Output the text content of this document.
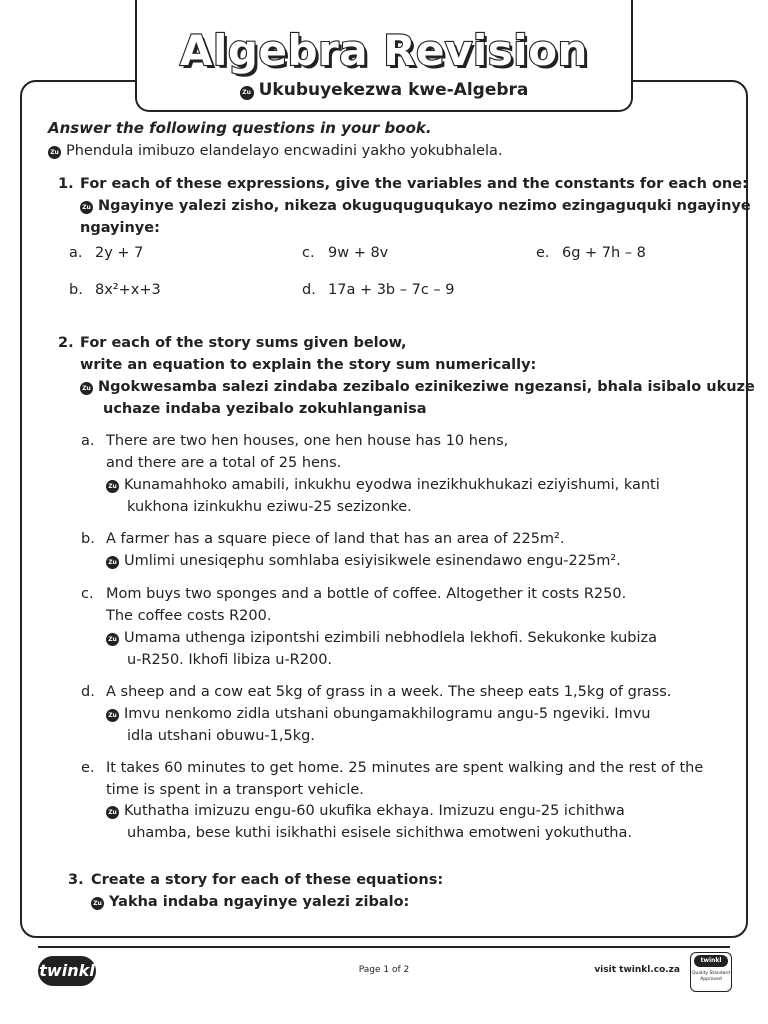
Algebra Revision
Zu Ukubuyekezwa kwe-Algebra
Answer the following questions in your book.
Zu Phendula imibuzo elandelayo encwadini yakho yokubhalela.
1. For each of these expressions, give the variables and the constants for each one:
Zu Ngayinye yalezi zisho, nikeza okuguquguqukayo nezimo ezingaguquki ngayinye
ngayinye:
a. 2y + 7	c. 9w + 8v	e. 6g + 7h – 8
b. 8x²+x+3	d. 17a + 3b – 7c – 9
2. For each of the story sums given below,
write an equation to explain the story sum numerically:
Zu Ngokwesamba salezi zindaba zezibalo ezinikeziwe ngezansi, bhala isibalo ukuze
uchaze indaba yezibalo zokuhlanganisa
a. There are two hen houses, one hen house has 10 hens,
and there are a total of 25 hens.
Zu Kunamahhoko amabili, inkukhu eyodwa inezikhukhukazi eziyishumi, kanti
kukhona izinkukhu eziwu-25 sezizonke.
b. A farmer has a square piece of land that has an area of 225m².
Zu Umlimi unesiqephu somhlaba esiyisikwele esinendawo engu-225m².
c. Mom buys two sponges and a bottle of coffee. Altogether it costs R250.
The coffee costs R200.
Zu Umama uthenga izipontshi ezimbili nebhodlela lekhofi. Sekukonke kubiza
u-R250. Ikhofi libiza u-R200.
d. A sheep and a cow eat 5kg of grass in a week. The sheep eats 1,5kg of grass.
Zu Imvu nenkomo zidla utshani obungamakhilogramu angu-5 ngeviki. Imvu
idla utshani obuwu-1,5kg.
e. It takes 60 minutes to get home. 25 minutes are spent walking and the rest of the
time is spent in a transport vehicle.
Zu Kuthatha imizuzu engu-60 ukufika ekhaya. Imizuzu engu-25 ichithwa
uhamba, bese kuthi isikhathi esisele sichithwa emotweni yokuthutha.
3. Create a story for each of these equations:
Zu Yakha indaba ngayinye yalezi zibalo:
twinkl	Page 1 of 2	visit twinkl.co.za
twinkl
Quality Standard Approved
